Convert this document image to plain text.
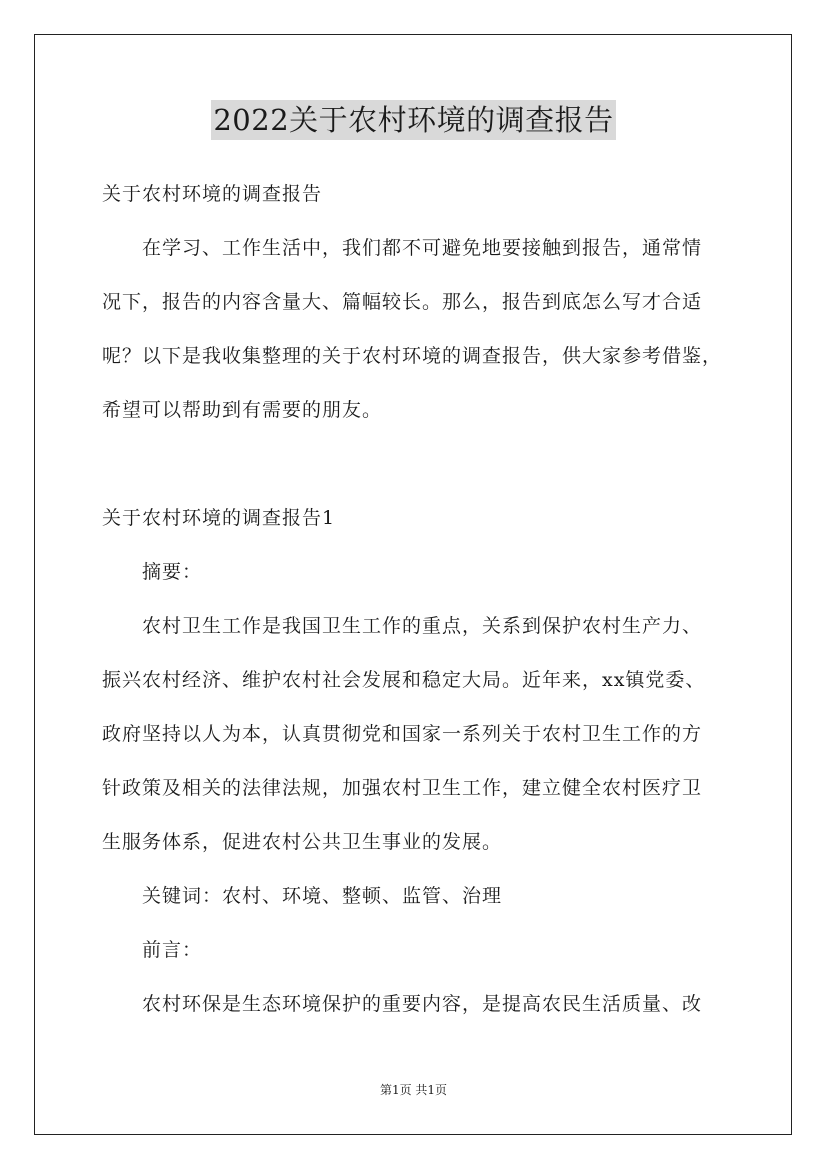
2022关于农村环境的调查报告
关于农村环境的调查报告
在学习、工作生活中，我们都不可避免地要接触到报告，通常情
况下，报告的内容含量大、篇幅较长。那么，报告到底怎么写才合适
呢？以下是我收集整理的关于农村环境的调查报告，供大家参考借鉴，
希望可以帮助到有需要的朋友。
关于农村环境的调查报告1
摘要：
农村卫生工作是我国卫生工作的重点，关系到保护农村生产力、
振兴农村经济、维护农村社会发展和稳定大局。近年来，xx镇党委、
政府坚持以人为本，认真贯彻党和国家一系列关于农村卫生工作的方
针政策及相关的法律法规，加强农村卫生工作，建立健全农村医疗卫
生服务体系，促进农村公共卫生事业的发展。
关键词：农村、环境、整顿、监管、治理
前言：
农村环保是生态环境保护的重要内容，是提高农民生活质量、改
第1页 共1页
